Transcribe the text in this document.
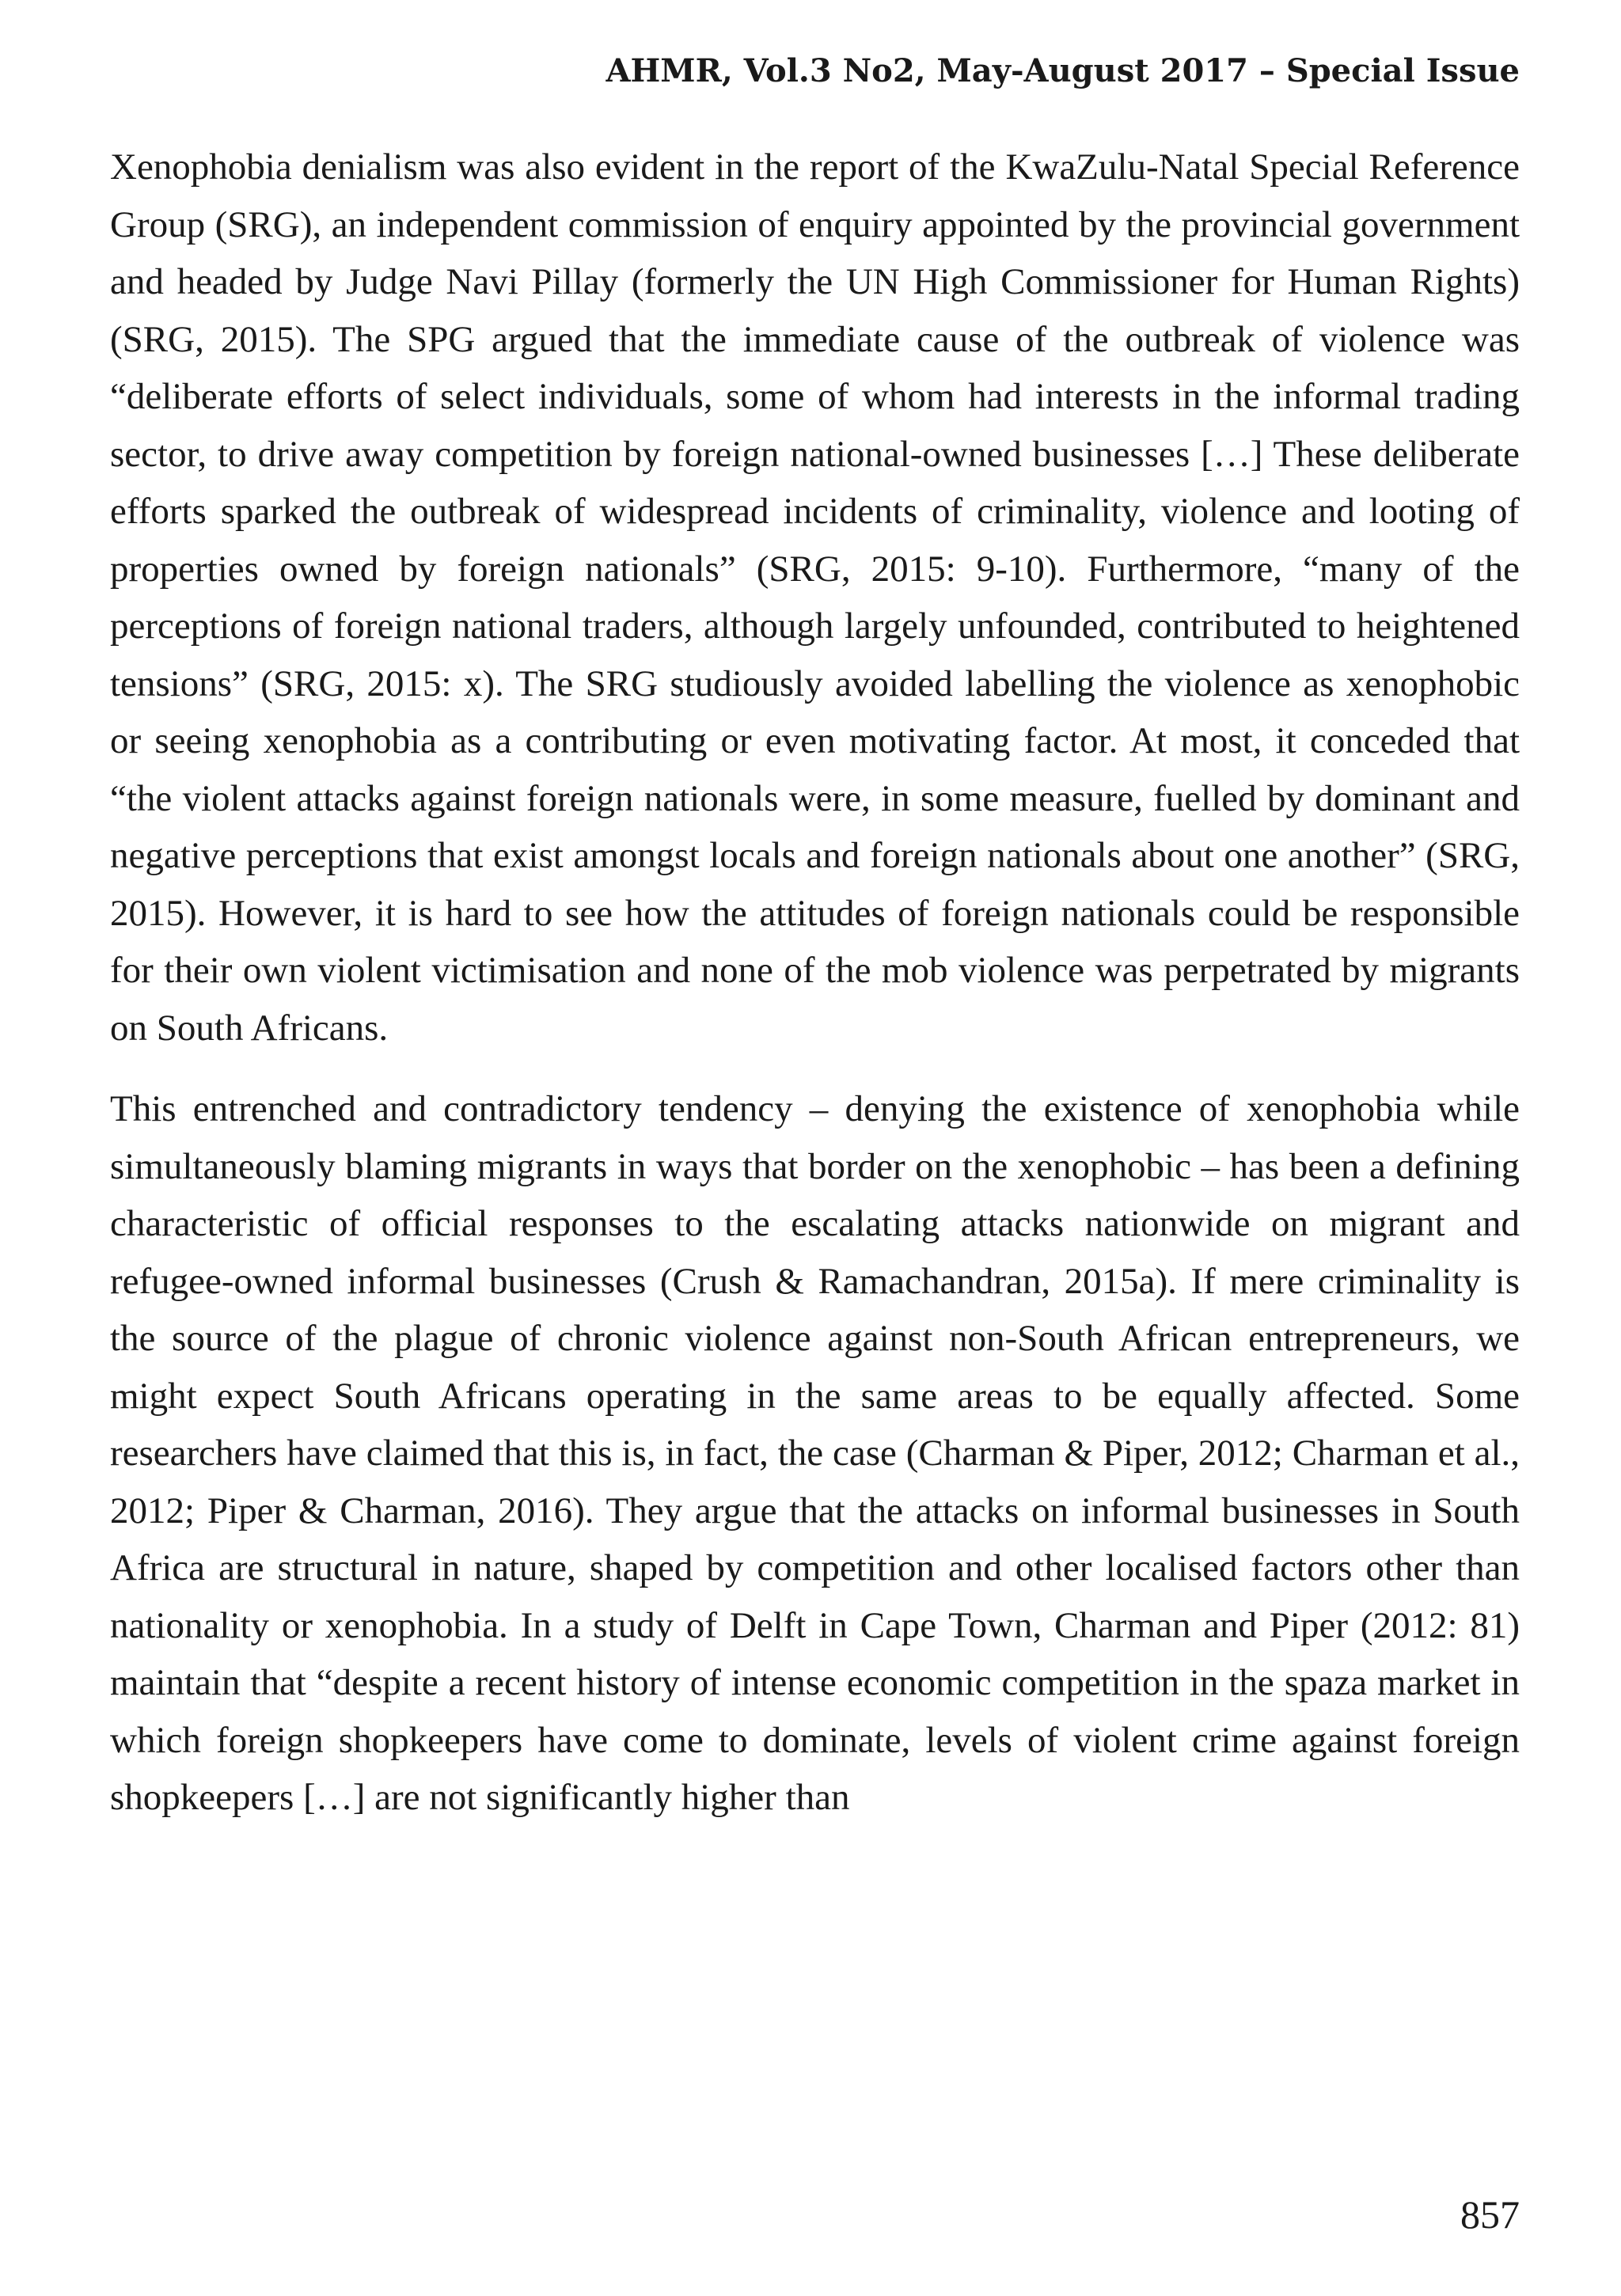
AHMR, Vol.3 No2, May-August 2017 – Special Issue

Xenophobia denialism was also evident in the report of the KwaZulu-Natal Special Reference Group (SRG), an independent commission of enquiry appointed by the provincial government and headed by Judge Navi Pillay (formerly the UN High Commissioner for Human Rights) (SRG, 2015). The SPG argued that the immediate cause of the outbreak of violence was “deliberate efforts of select individuals, some of whom had interests in the informal trading sector, to drive away competition by foreign national-owned businesses […] These deliberate efforts sparked the outbreak of widespread incidents of criminality, violence and looting of properties owned by foreign nationals” (SRG, 2015: 9-10). Furthermore, “many of the perceptions of foreign national traders, although largely unfounded, contributed to heightened tensions” (SRG, 2015: x). The SRG studiously avoided labelling the violence as xenophobic or seeing xenophobia as a contributing or even motivating factor. At most, it conceded that “the violent attacks against foreign nationals were, in some measure, fuelled by dominant and negative perceptions that exist amongst locals and foreign nationals about one another” (SRG, 2015). However, it is hard to see how the attitudes of foreign nationals could be responsible for their own violent victimisation and none of the mob violence was perpetrated by migrants on South Africans.

This entrenched and contradictory tendency – denying the existence of xenophobia while simultaneously blaming migrants in ways that border on the xenophobic – has been a defining characteristic of official responses to the escalating attacks nationwide on migrant and refugee-owned informal businesses (Crush & Ramachandran, 2015a). If mere criminality is the source of the plague of chronic violence against non-South African entrepreneurs, we might expect South Africans operating in the same areas to be equally affected. Some researchers have claimed that this is, in fact, the case (Charman & Piper, 2012; Charman et al., 2012; Piper & Charman, 2016). They argue that the attacks on informal businesses in South Africa are structural in nature, shaped by competition and other localised factors other than nationality or xenophobia. In a study of Delft in Cape Town, Charman and Piper (2012: 81) maintain that “despite a recent history of intense economic competition in the spaza market in which foreign shopkeepers have come to dominate, levels of violent crime against foreign shopkeepers […] are not significantly higher than

857
